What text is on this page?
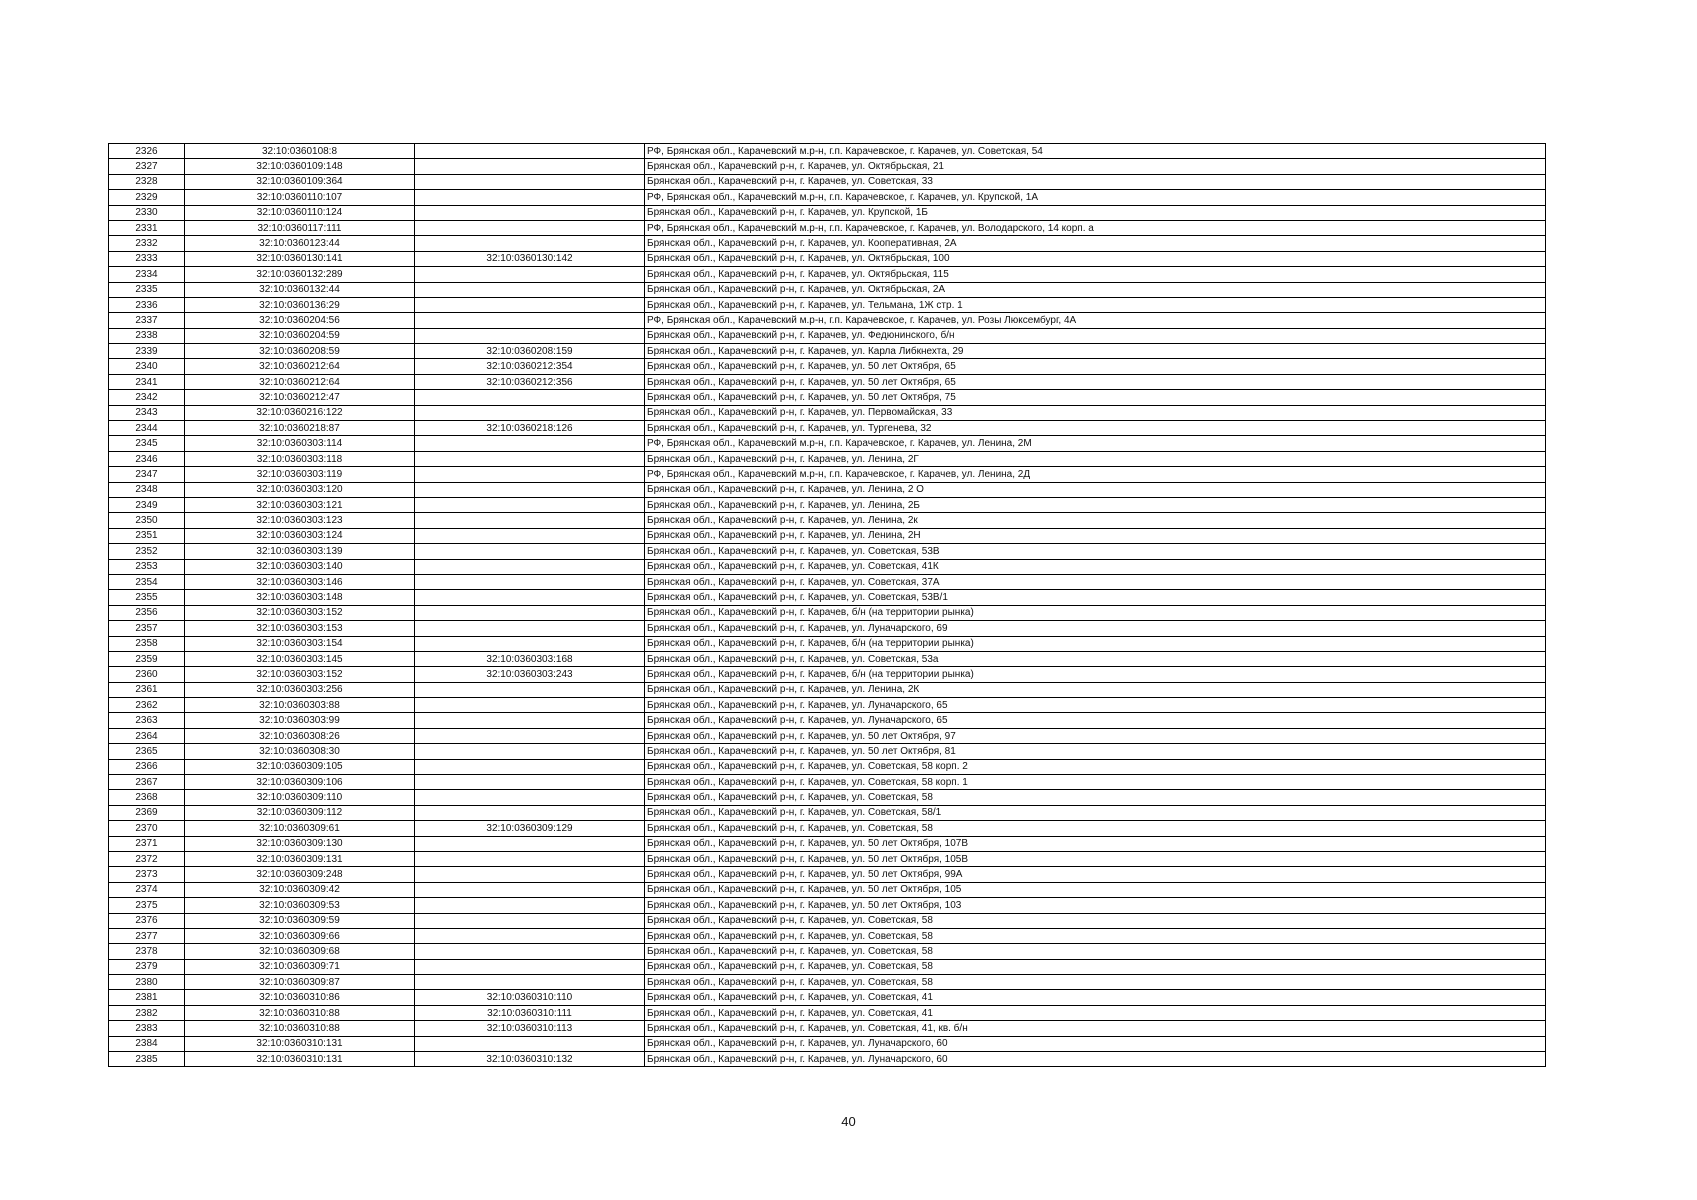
2326	32:10:0360108:8		РФ, Брянская обл., Карачевский м.р-н, г.п. Карачевское, г. Карачев, ул. Советская, 54
2327	32:10:0360109:148		Брянская обл., Карачевский р-н, г. Карачев, ул. Октябрьская, 21
2328	32:10:0360109:364		Брянская обл., Карачевский р-н, г. Карачев, ул. Советская, 33
2329	32:10:0360110:107		РФ, Брянская обл., Карачевский м.р-н, г.п. Карачевское, г. Карачев, ул. Крупской, 1А
2330	32:10:0360110:124		Брянская обл., Карачевский р-н, г. Карачев, ул. Крупской, 1Б
2331	32:10:0360117:111		РФ, Брянская обл., Карачевский м.р-н, г.п. Карачевское, г. Карачев, ул. Володарского, 14 корп. а
2332	32:10:0360123:44		Брянская обл., Карачевский р-н, г. Карачев, ул. Кооперативная, 2А
2333	32:10:0360130:141	32:10:0360130:142	Брянская обл., Карачевский р-н, г. Карачев, ул. Октябрьская, 100
2334	32:10:0360132:289		Брянская обл., Карачевский р-н, г. Карачев, ул. Октябрьская, 115
2335	32:10:0360132:44		Брянская обл., Карачевский р-н, г. Карачев, ул. Октябрьская, 2А
2336	32:10:0360136:29		Брянская обл., Карачевский р-н, г. Карачев, ул. Тельмана, 1Ж стр. 1
2337	32:10:0360204:56		РФ, Брянская обл., Карачевский м.р-н, г.п. Карачевское, г. Карачев, ул. Розы Люксембург, 4А
2338	32:10:0360204:59		Брянская обл., Карачевский р-н, г. Карачев, ул. Федюнинского, б/н
2339	32:10:0360208:59	32:10:0360208:159	Брянская обл., Карачевский р-н, г. Карачев, ул. Карла Либкнехта, 29
2340	32:10:0360212:64	32:10:0360212:354	Брянская обл., Карачевский р-н, г. Карачев, ул. 50 лет Октября, 65
2341	32:10:0360212:64	32:10:0360212:356	Брянская обл., Карачевский р-н, г. Карачев, ул. 50 лет Октября, 65
2342	32:10:0360212:47		Брянская обл., Карачевский р-н, г. Карачев, ул. 50 лет Октября, 75
2343	32:10:0360216:122		Брянская обл., Карачевский р-н, г. Карачев, ул. Первомайская, 33
2344	32:10:0360218:87	32:10:0360218:126	Брянская обл., Карачевский р-н, г. Карачев, ул. Тургенева, 32
2345	32:10:0360303:114		РФ, Брянская обл., Карачевский м.р-н, г.п. Карачевское, г. Карачев, ул. Ленина, 2М
2346	32:10:0360303:118		Брянская обл., Карачевский р-н, г. Карачев, ул. Ленина, 2Г
2347	32:10:0360303:119		РФ, Брянская обл., Карачевский м.р-н, г.п. Карачевское, г. Карачев, ул. Ленина, 2Д
2348	32:10:0360303:120		Брянская обл., Карачевский р-н, г. Карачев, ул. Ленина, 2 О
2349	32:10:0360303:121		Брянская обл., Карачевский р-н, г. Карачев, ул. Ленина, 2Б
2350	32:10:0360303:123		Брянская обл., Карачевский р-н, г. Карачев, ул. Ленина, 2к
2351	32:10:0360303:124		Брянская обл., Карачевский р-н, г. Карачев, ул. Ленина, 2Н
2352	32:10:0360303:139		Брянская обл., Карачевский р-н, г. Карачев, ул. Советская, 53В
2353	32:10:0360303:140		Брянская обл., Карачевский р-н, г. Карачев, ул. Советская, 41К
2354	32:10:0360303:146		Брянская обл., Карачевский р-н, г. Карачев, ул. Советская, 37А
2355	32:10:0360303:148		Брянская обл., Карачевский р-н, г. Карачев, ул. Советская, 53В/1
2356	32:10:0360303:152		Брянская обл., Карачевский р-н, г. Карачев, б/н (на территории рынка)
2357	32:10:0360303:153		Брянская обл., Карачевский р-н, г. Карачев, ул. Луначарского, 69
2358	32:10:0360303:154		Брянская обл., Карачевский р-н, г. Карачев, б/н (на территории рынка)
2359	32:10:0360303:145	32:10:0360303:168	Брянская обл., Карачевский р-н, г. Карачев, ул. Советская, 53а
2360	32:10:0360303:152	32:10:0360303:243	Брянская обл., Карачевский р-н, г. Карачев, б/н (на территории рынка)
2361	32:10:0360303:256		Брянская обл., Карачевский р-н, г. Карачев, ул. Ленина, 2К
2362	32:10:0360303:88		Брянская обл., Карачевский р-н, г. Карачев, ул. Луначарского, 65
2363	32:10:0360303:99		Брянская обл., Карачевский р-н, г. Карачев, ул. Луначарского, 65
2364	32:10:0360308:26		Брянская обл., Карачевский р-н, г. Карачев, ул. 50 лет Октября, 97
2365	32:10:0360308:30		Брянская обл., Карачевский р-н, г. Карачев, ул. 50 лет Октября, 81
2366	32:10:0360309:105		Брянская обл., Карачевский р-н, г. Карачев, ул. Советская, 58 корп. 2
2367	32:10:0360309:106		Брянская обл., Карачевский р-н, г. Карачев, ул. Советская, 58 корп. 1
2368	32:10:0360309:110		Брянская обл., Карачевский р-н, г. Карачев, ул. Советская, 58
2369	32:10:0360309:112		Брянская обл., Карачевский р-н, г. Карачев, ул. Советская, 58/1
2370	32:10:0360309:61	32:10:0360309:129	Брянская обл., Карачевский р-н, г. Карачев, ул. Советская, 58
2371	32:10:0360309:130		Брянская обл., Карачевский р-н, г. Карачев, ул. 50 лет Октября, 107В
2372	32:10:0360309:131		Брянская обл., Карачевский р-н, г. Карачев, ул. 50 лет Октября, 105В
2373	32:10:0360309:248		Брянская обл., Карачевский р-н, г. Карачев, ул. 50 лет Октября, 99А
2374	32:10:0360309:42		Брянская обл., Карачевский р-н, г. Карачев, ул. 50 лет Октября, 105
2375	32:10:0360309:53		Брянская обл., Карачевский р-н, г. Карачев, ул. 50 лет Октября, 103
2376	32:10:0360309:59		Брянская обл., Карачевский р-н, г. Карачев, ул. Советская, 58
2377	32:10:0360309:66		Брянская обл., Карачевский р-н, г. Карачев, ул. Советская, 58
2378	32:10:0360309:68		Брянская обл., Карачевский р-н, г. Карачев, ул. Советская, 58
2379	32:10:0360309:71		Брянская обл., Карачевский р-н, г. Карачев, ул. Советская, 58
2380	32:10:0360309:87		Брянская обл., Карачевский р-н, г. Карачев, ул. Советская, 58
2381	32:10:0360310:86	32:10:0360310:110	Брянская обл., Карачевский р-н, г. Карачев, ул. Советская, 41
2382	32:10:0360310:88	32:10:0360310:111	Брянская обл., Карачевский р-н, г. Карачев, ул. Советская, 41
2383	32:10:0360310:88	32:10:0360310:113	Брянская обл., Карачевский р-н, г. Карачев, ул. Советская, 41, кв. б/н
2384	32:10:0360310:131		Брянская обл., Карачевский р-н, г. Карачев, ул. Луначарского, 60
2385	32:10:0360310:131	32:10:0360310:132	Брянская обл., Карачевский р-н, г. Карачев, ул. Луначарского, 60
40
